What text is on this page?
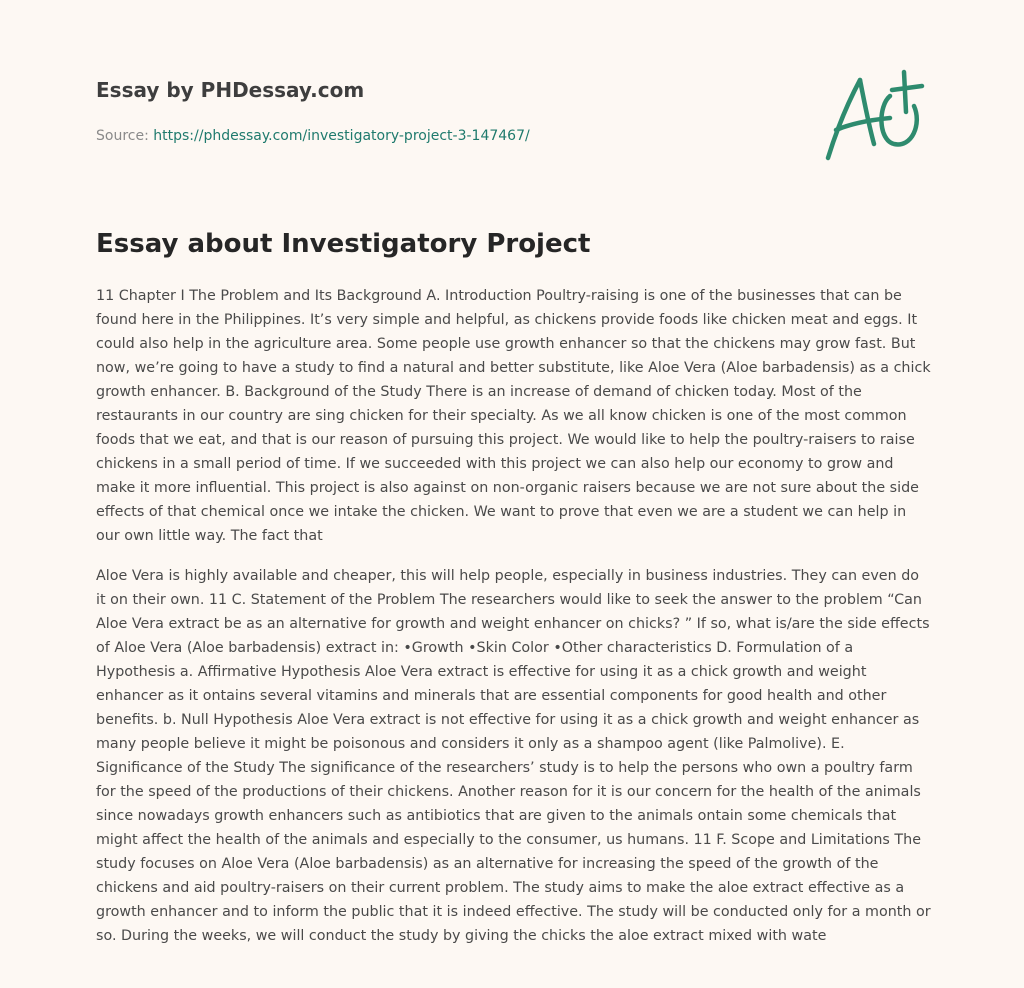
Essay by PHDessay.com
Source: https://phdessay.com/investigatory-project-3-147467/
Essay about Investigatory Project

11 Chapter I The Problem and Its Background A. Introduction Poultry-raising is one of the businesses that can be found here in the Philippines. It’s very simple and helpful, as chickens provide foods like chicken meat and eggs. It could also help in the agriculture area. Some people use growth enhancer so that the chickens may grow fast. But now, we’re going to have a study to find a natural and better substitute, like Aloe Vera (Aloe barbadensis) as a chick growth enhancer. B. Background of the Study There is an increase of demand of chicken today. Most of the restaurants in our country are sing chicken for their specialty. As we all know chicken is one of the most common foods that we eat, and that is our reason of pursuing this project. We would like to help the poultry-raisers to raise chickens in a small period of time. If we succeeded with this project we can also help our economy to grow and make it more influential. This project is also against on non-organic raisers because we are not sure about the side effects of that chemical once we intake the chicken. We want to prove that even we are a student we can help in our own little way. The fact that

Aloe Vera is highly available and cheaper, this will help people, especially in business industries. They can even do it on their own. 11 C. Statement of the Problem The researchers would like to seek the answer to the problem “Can Aloe Vera extract be as an alternative for growth and weight enhancer on chicks? ” If so, what is/are the side effects of Aloe Vera (Aloe barbadensis) extract in: •Growth •Skin Color •Other characteristics D. Formulation of a Hypothesis a. Affirmative Hypothesis Aloe Vera extract is effective for using it as a chick growth and weight enhancer as it ontains several vitamins and minerals that are essential components for good health and other benefits. b. Null Hypothesis Aloe Vera extract is not effective for using it as a chick growth and weight enhancer as many people believe it might be poisonous and considers it only as a shampoo agent (like Palmolive). E. Significance of the Study The significance of the researchers’ study is to help the persons who own a poultry farm for the speed of the productions of their chickens. Another reason for it is our concern for the health of the animals since nowadays growth enhancers such as antibiotics that are given to the animals ontain some chemicals that might affect the health of the animals and especially to the consumer, us humans. 11 F. Scope and Limitations The study focuses on Aloe Vera (Aloe barbadensis) as an alternative for increasing the speed of the growth of the chickens and aid poultry-raisers on their current problem. The study aims to make the aloe extract effective as a growth enhancer and to inform the public that it is indeed effective. The study will be conducted only for a month or so. During the weeks, we will conduct the study by giving the chicks the aloe extract mixed with wate
